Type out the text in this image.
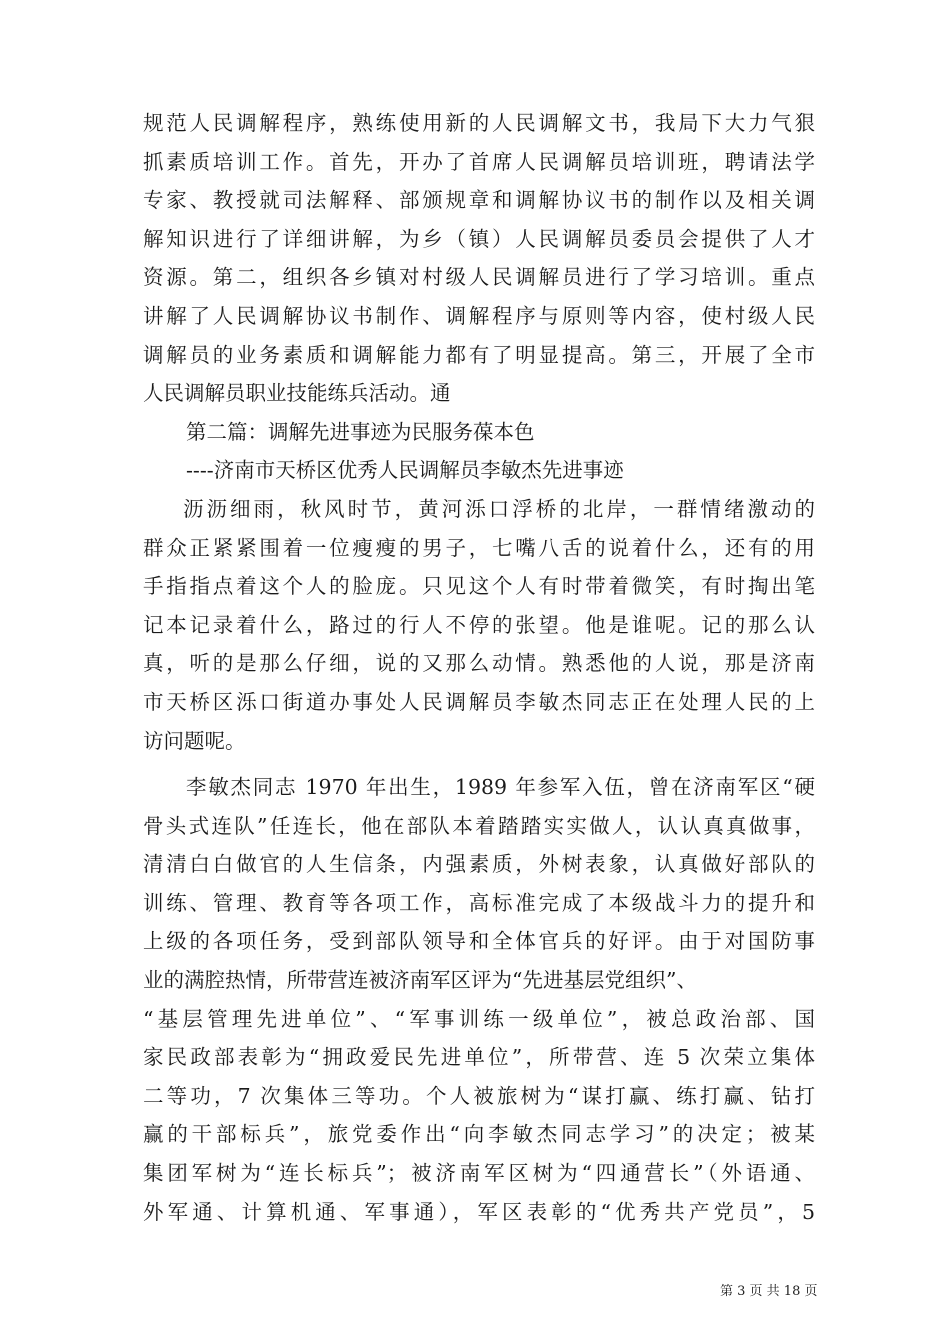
规范人民调解程序，熟练使用新的人民调解文书，我局下大力气狠
抓素质培训工作。首先，开办了首席人民调解员培训班，聘请法学
专家、教授就司法解释、部颁规章和调解协议书的制作以及相关调
解知识进行了详细讲解，为乡（镇）人民调解员委员会提供了人才
资源。第二，组织各乡镇对村级人民调解员进行了学习培训。重点
讲解了人民调解协议书制作、调解程序与原则等内容，使村级人民
调解员的业务素质和调解能力都有了明显提高。第三，开展了全市
人民调解员职业技能练兵活动。通
第二篇：调解先进事迹为民服务葆本色
----济南市天桥区优秀人民调解员李敏杰先进事迹
沥沥细雨，秋风时节，黄河泺口浮桥的北岸，一群情绪激动的
群众正紧紧围着一位瘦瘦的男子，七嘴八舌的说着什么，还有的用
手指指点着这个人的脸庞。只见这个人有时带着微笑，有时掏出笔
记本记录着什么，路过的行人不停的张望。他是谁呢。记的那么认
真，听的是那么仔细，说的又那么动情。熟悉他的人说，那是济南
市天桥区泺口街道办事处人民调解员李敏杰同志正在处理人民的上
访问题呢。
李敏杰同志 1970 年出生，1989 年参军入伍，曾在济南军区“硬
骨头式连队”任连长，他在部队本着踏踏实实做人，认认真真做事，
清清白白做官的人生信条，内强素质，外树表象，认真做好部队的
训练、管理、教育等各项工作，高标准完成了本级战斗力的提升和
上级的各项任务，受到部队领导和全体官兵的好评。由于对国防事
业的满腔热情，所带营连被济南军区评为“先进基层党组织”、
“基层管理先进单位”、“军事训练一级单位”，被总政治部、国
家民政部表彰为“拥政爱民先进单位”，所带营、连 5 次荣立集体
二等功，7 次集体三等功。个人被旅树为“谋打赢、练打赢、钻打
赢的干部标兵”，旅党委作出“向李敏杰同志学习”的决定；被某
集团军树为“连长标兵”；被济南军区树为“四通营长”（外语通、
外军通、计算机通、军事通），军区表彰的“优秀共产党员”，5
第 3 页 共 18 页
